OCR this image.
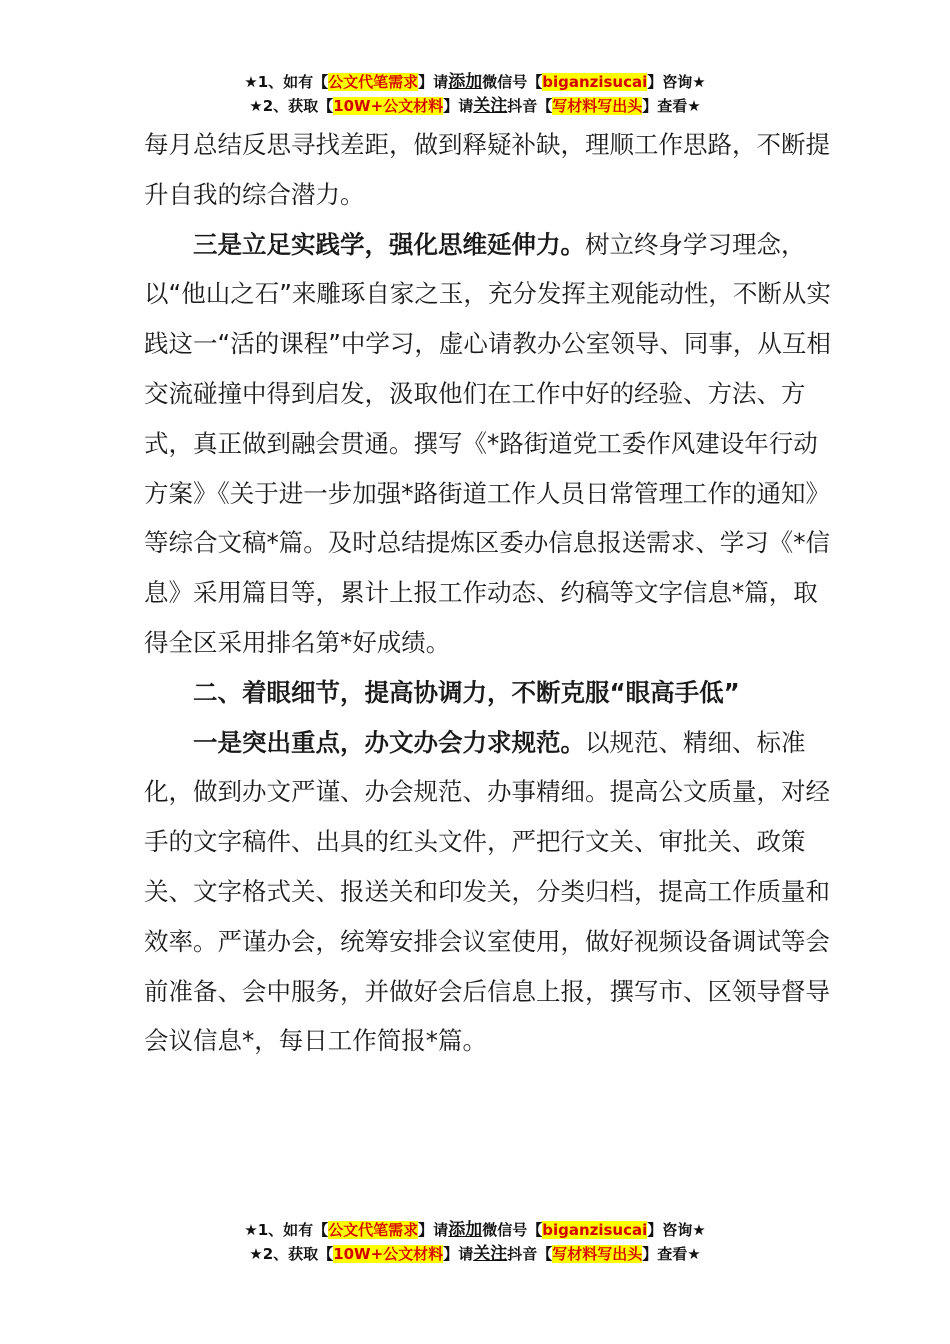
★1、如有【公文代笔需求】请添加微信号【biganzisucai】咨询★
★2、获取【10W+公文材料】请关注抖音【写材料写出头】查看★

每月总结反思寻找差距，做到释疑补缺，理顺工作思路，不断提升自我的综合潜力。

三是立足实践学，强化思维延伸力。树立终身学习理念，以“他山之石”来雕琢自家之玉，充分发挥主观能动性，不断从实践这一“活的课程”中学习，虚心请教办公室领导、同事，从互相交流碰撞中得到启发，汲取他们在工作中好的经验、方法、方式，真正做到融会贯通。撰写《*路街道党工委作风建设年行动方案》《关于进一步加强*路街道工作人员日常管理工作的通知》等综合文稿*篇。及时总结提炼区委办信息报送需求、学习《*信息》采用篇目等，累计上报工作动态、约稿等文字信息*篇，取得全区采用排名第*好成绩。

二、着眼细节，提高协调力，不断克服“眼高手低”

一是突出重点，办文办会力求规范。以规范、精细、标准化，做到办文严谨、办会规范、办事精细。提高公文质量，对经手的文字稿件、出具的红头文件，严把行文关、审批关、政策关、文字格式关、报送关和印发关，分类归档，提高工作质量和效率。严谨办会，统筹安排会议室使用，做好视频设备调试等会前准备、会中服务，并做好会后信息上报，撰写市、区领导督导会议信息*，每日工作简报*篇。

★1、如有【公文代笔需求】请添加微信号【biganzisucai】咨询★
★2、获取【10W+公文材料】请关注抖音【写材料写出头】查看★
